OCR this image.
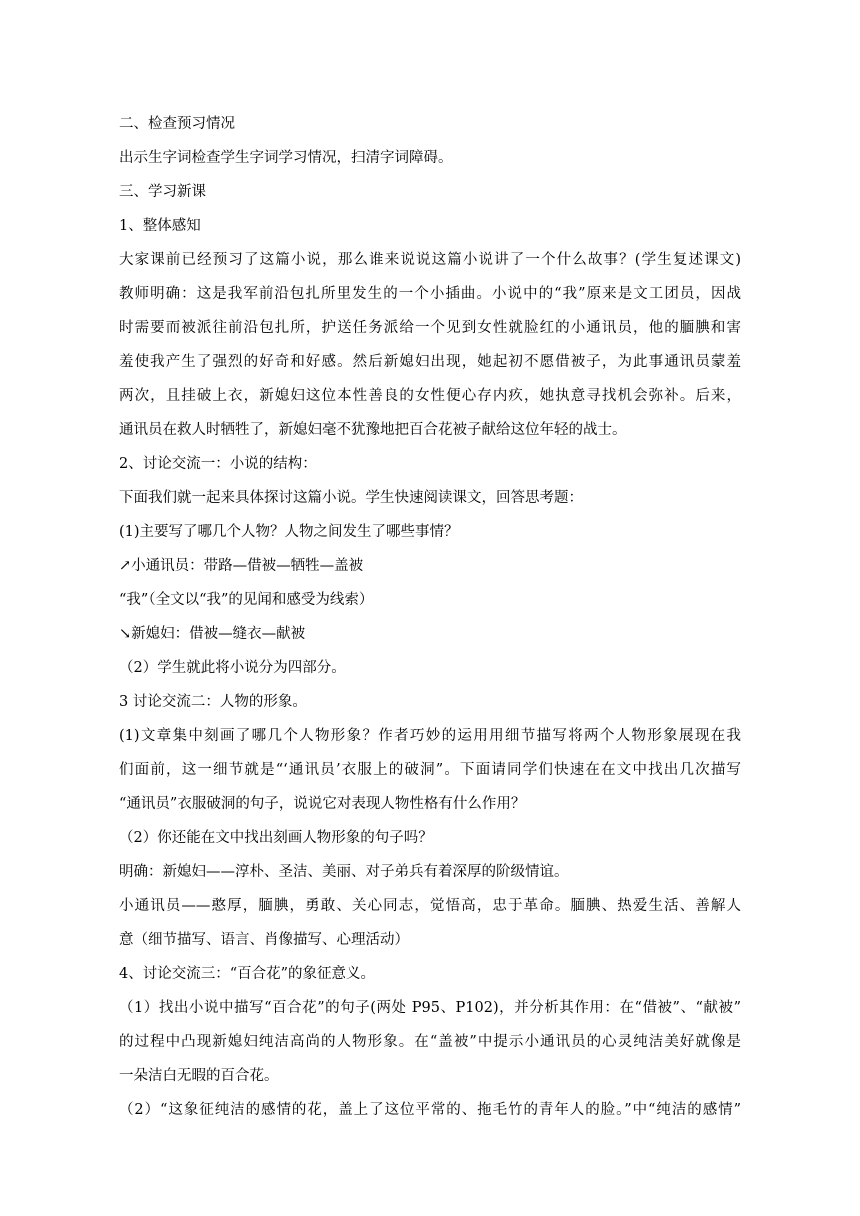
二、检查预习情况
出示生字词检查学生字词学习情况，扫清字词障碍。
三、学习新课
1、整体感知
大家课前已经预习了这篇小说，那么谁来说说这篇小说讲了一个什么故事？(学生复述课文)
教师明确：这是我军前沿包扎所里发生的一个小插曲。小说中的“我”原来是文工团员，因战
时需要而被派往前沿包扎所，护送任务派给一个见到女性就脸红的小通讯员，他的腼腆和害
羞使我产生了强烈的好奇和好感。然后新媳妇出现，她起初不愿借被子，为此事通讯员蒙羞
两次，且挂破上衣，新媳妇这位本性善良的女性便心存内疚，她执意寻找机会弥补。后来，
通讯员在救人时牺牲了，新媳妇毫不犹豫地把百合花被子献给这位年轻的战士。
2、讨论交流一：小说的结构：
下面我们就一起来具体探讨这篇小说。学生快速阅读课文，回答思考题：
(1)主要写了哪几个人物？人物之间发生了哪些事情？
↗小通讯员：带路—借被—牺牲—盖被
“我”（全文以“我”的见闻和感受为线索）
↘新媳妇：借被—缝衣—献被
（2）学生就此将小说分为四部分。
3 讨论交流二：人物的形象。
(1)文章集中刻画了哪几个人物形象？作者巧妙的运用用细节描写将两个人物形象展现在我
们面前，这一细节就是“‘通讯员’衣服上的破洞”。下面请同学们快速在在文中找出几次描写
“通讯员”衣服破洞的句子，说说它对表现人物性格有什么作用？
（2）你还能在文中找出刻画人物形象的句子吗？
明确：新媳妇——淳朴、圣洁、美丽、对子弟兵有着深厚的阶级情谊。
小通讯员——憨厚，腼腆，勇敢、关心同志，觉悟高，忠于革命。腼腆、热爱生活、善解人
意（细节描写、语言、肖像描写、心理活动）
4、讨论交流三：“百合花”的象征意义。
（1）找出小说中描写“百合花”的句子(两处 P95、P102)，并分析其作用：在“借被”、“献被”
的过程中凸现新媳妇纯洁高尚的人物形象。在“盖被”中提示小通讯员的心灵纯洁美好就像是
一朵洁白无暇的百合花。
（2）“这象征纯洁的感情的花，盖上了这位平常的、拖毛竹的青年人的脸。”中“纯洁的感情”
